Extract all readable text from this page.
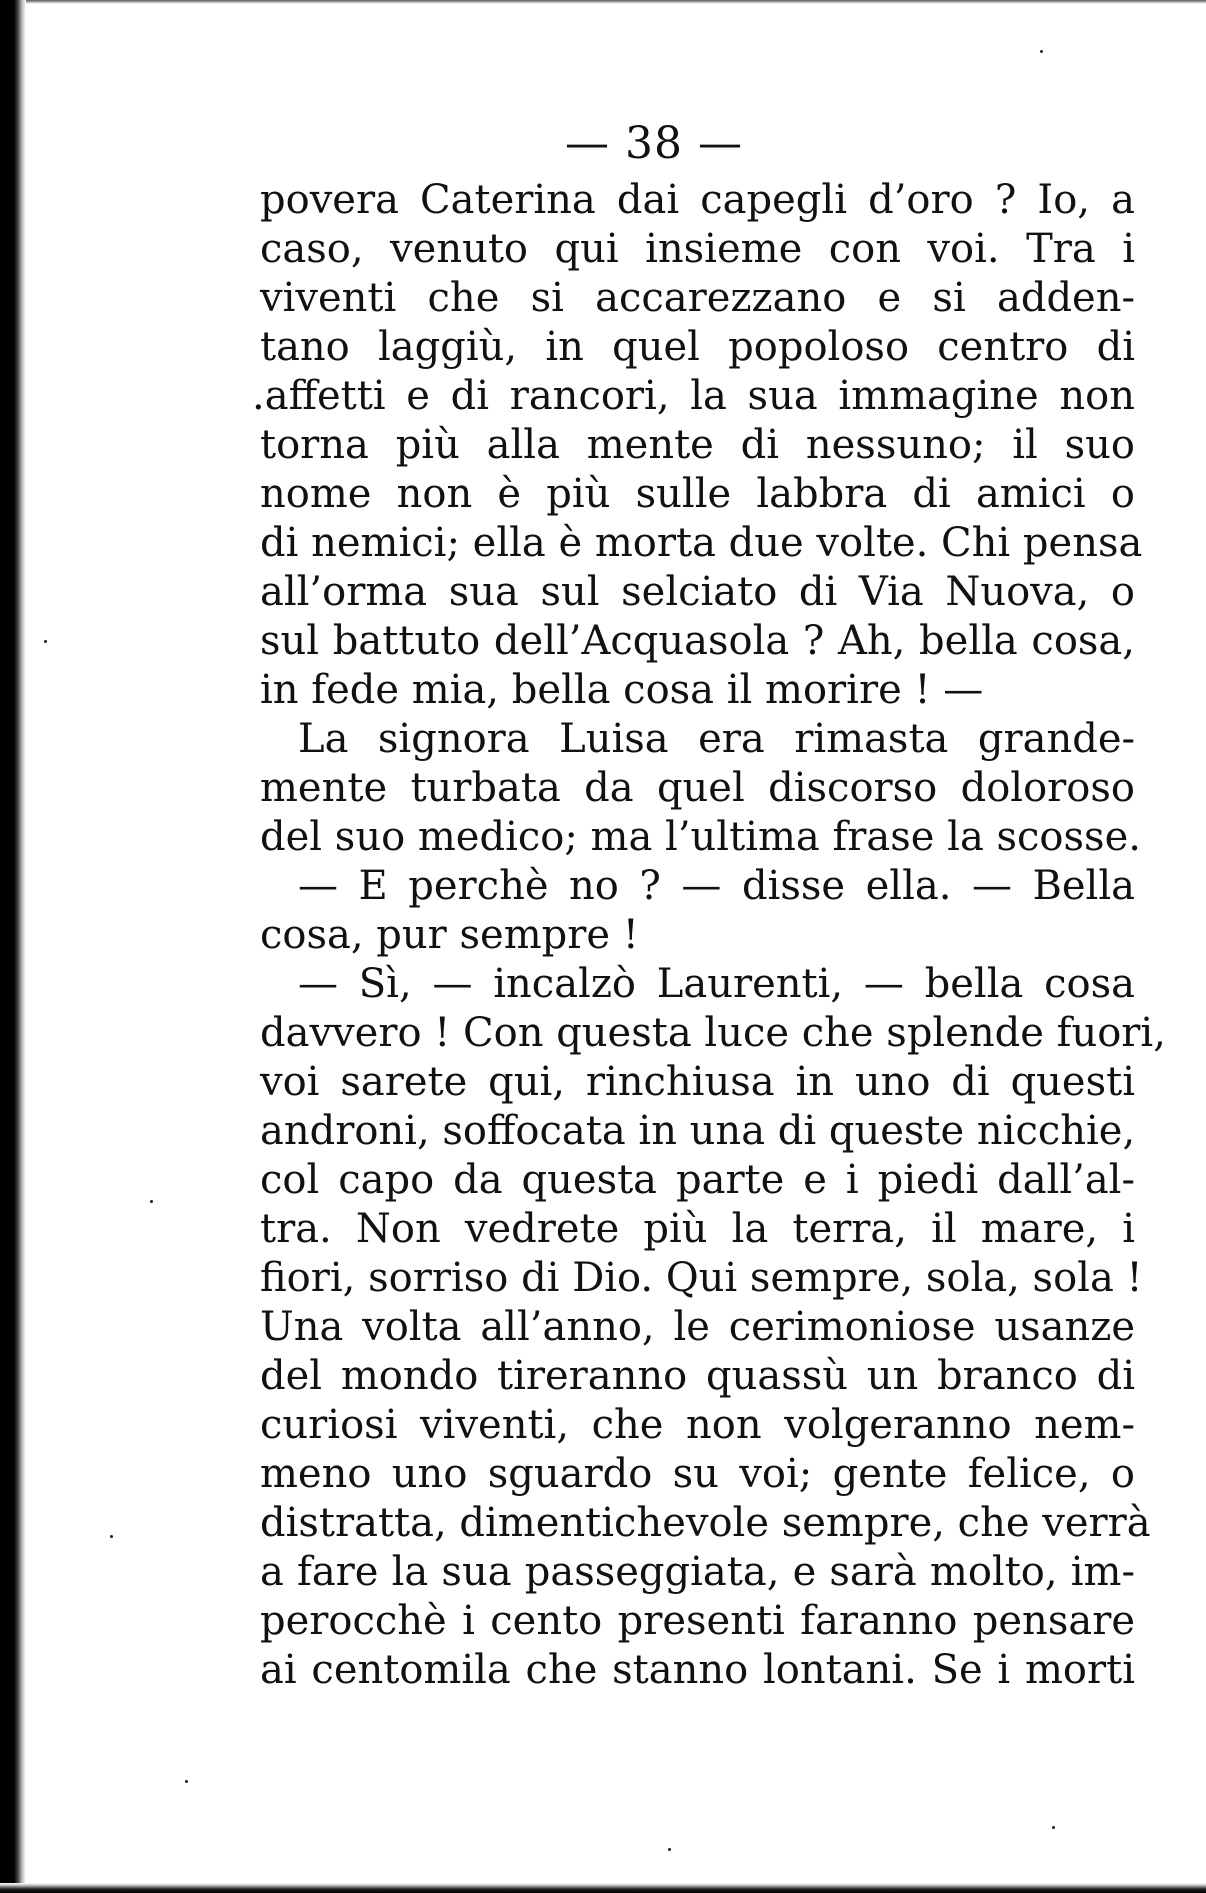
— 38 —
povera Caterina dai capegli d’oro ? Io, a
caso, venuto qui insieme con voi. Tra i
viventi che si accarezzano e si adden-
tano laggiù, in quel popoloso centro di
.affetti e di rancori, la sua immagine non
torna più alla mente di nessuno; il suo
nome non è più sulle labbra di amici o
di nemici; ella è morta due volte. Chi pensa
all’orma sua sul selciato di Via Nuova, o
sul battuto dell’Acquasola ? Ah, bella cosa,
in fede mia, bella cosa il morire ! —
La signora Luisa era rimasta grande-
mente turbata da quel discorso doloroso
del suo medico; ma l’ultima frase la scosse.
— E perchè no ? — disse ella. — Bella
cosa, pur sempre !
— Sì, — incalzò Laurenti, — bella cosa
davvero ! Con questa luce che splende fuori,
voi sarete qui, rinchiusa in uno di questi
androni, soffocata in una di queste nicchie,
col capo da questa parte e i piedi dall’al-
tra. Non vedrete più la terra, il mare, i
fiori, sorriso di Dio. Qui sempre, sola, sola !
Una volta all’anno, le cerimoniose usanze
del mondo tireranno quassù un branco di
curiosi viventi, che non volgeranno nem-
meno uno sguardo su voi; gente felice, o
distratta, dimentichevole sempre, che verrà
a fare la sua passeggiata, e sarà molto, im-
perocchè i cento presenti faranno pensare
ai centomila che stanno lontani. Se i morti
